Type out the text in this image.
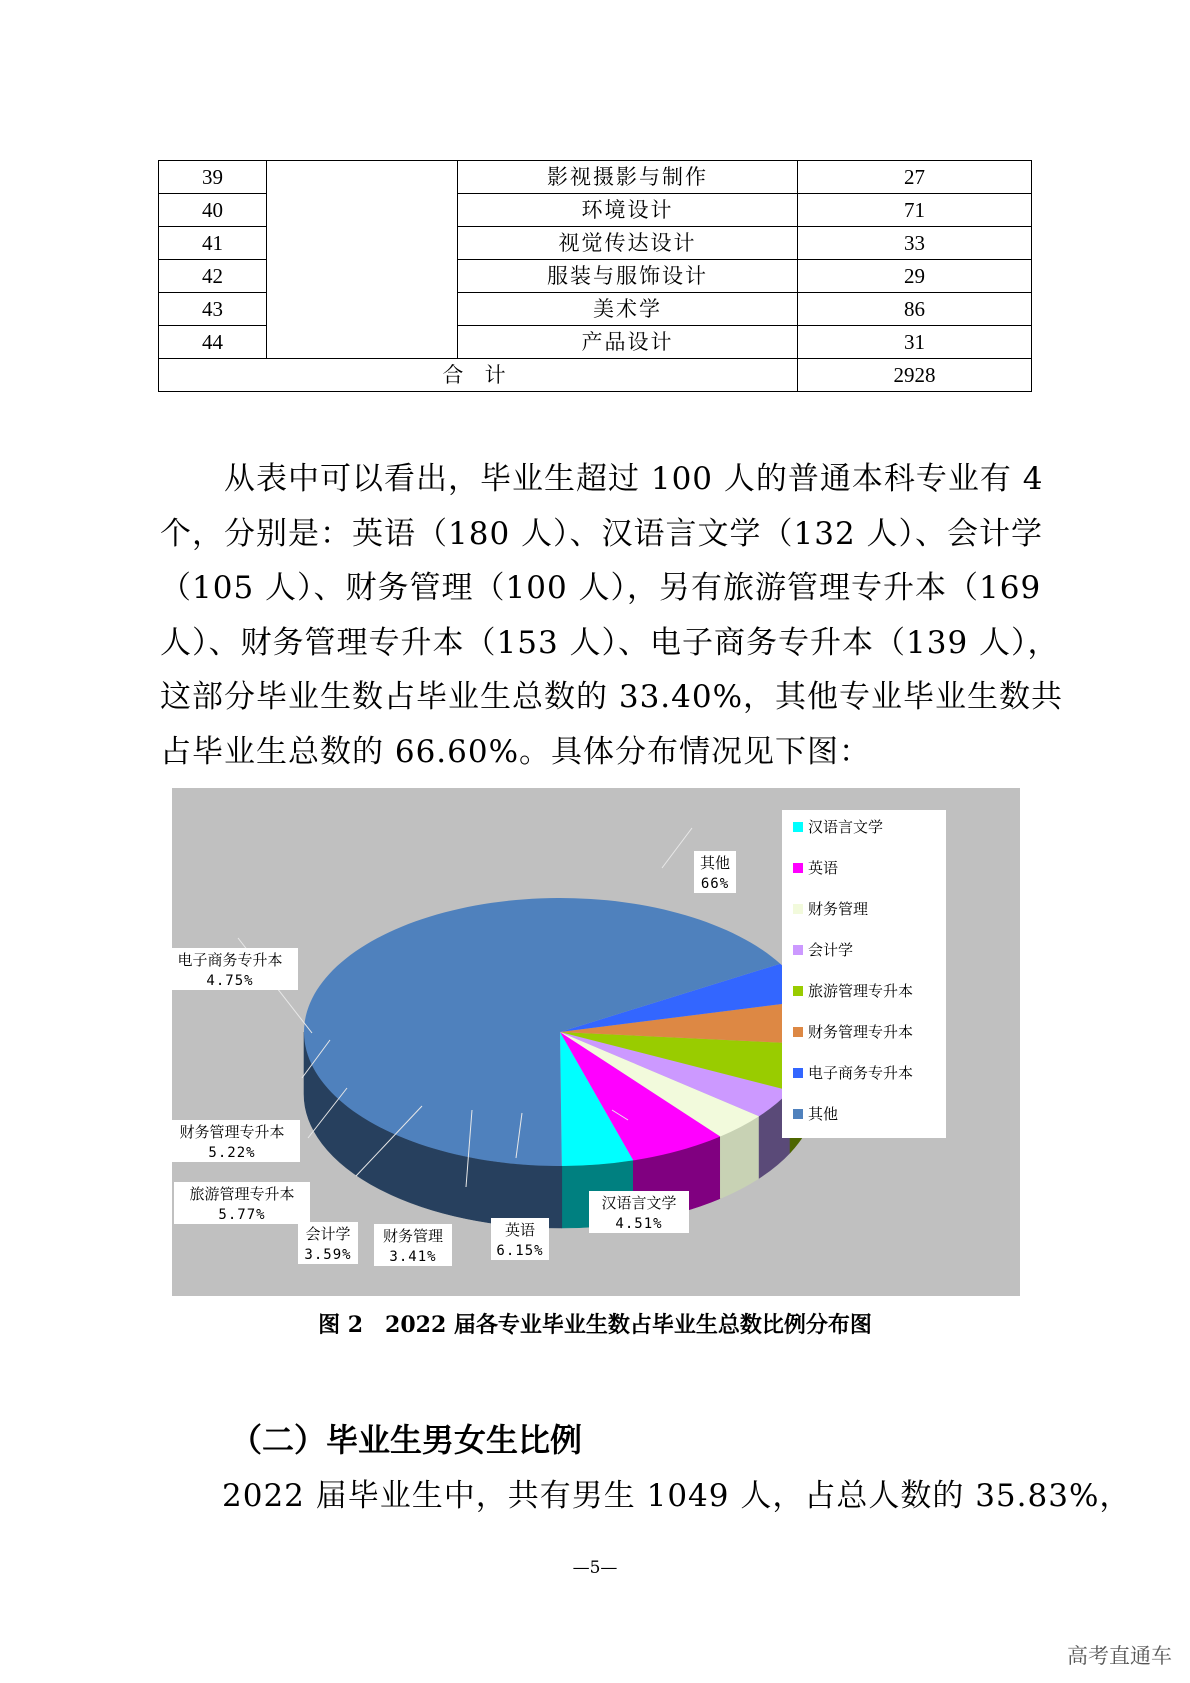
39		影视摄影与制作	27
40		环境设计	71
41		视觉传达设计	33
42		服装与服饰设计	29
43		美术学	86
44		产品设计	31
合 计			2928
从表中可以看出，毕业生超过 100 人的普通本科专业有 4
个，分别是：英语（180 人）、汉语言文学（132 人）、会计学
（105 人）、财务管理（100 人），另有旅游管理专升本（169
人）、财务管理专升本（153 人）、电子商务专升本（139 人），
这部分毕业生数占毕业生总数的 33.40%，其他专业毕业生数共
占毕业生总数的 66.60%。具体分布情况见下图：
汉语言文学
4.51%
英语
6.15%
财务管理
3.41%
会计学
3.59%
旅游管理专升本
5.77%
财务管理专升本
5.22%
电子商务专升本
4.75%
其他
66%
汉语言文学
英语
财务管理
会计学
旅游管理专升本
财务管理专升本
电子商务专升本
其他
图 2　2022 届各专业毕业生数占毕业生总数比例分布图
（二）毕业生男女生比例
2022 届毕业生中，共有男生 1049 人，占总人数的 35.83%，
—5—
高考直通车
